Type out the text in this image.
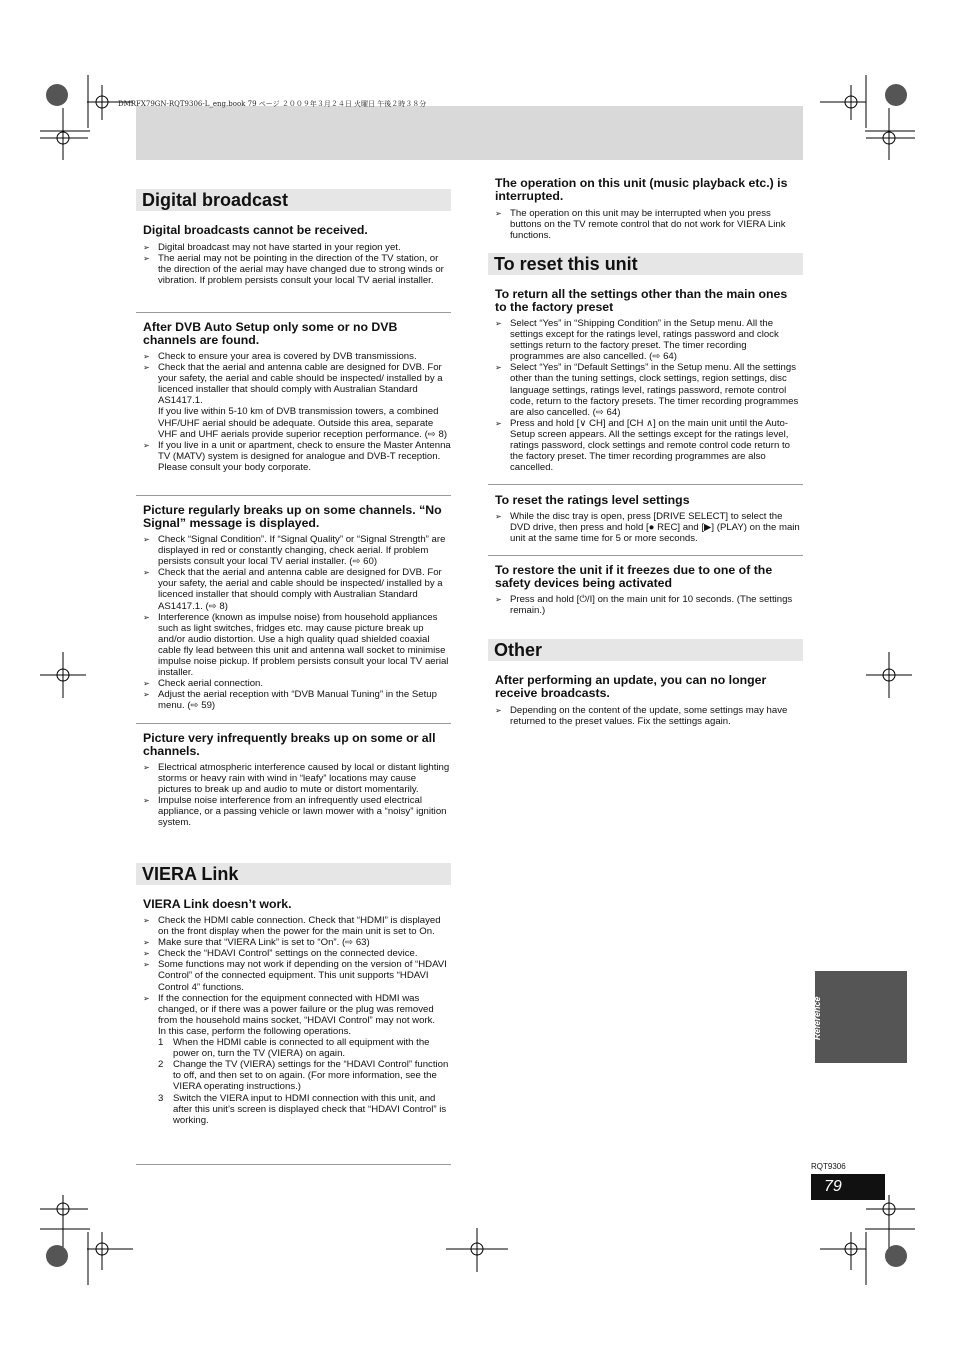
DMRFX79GN-RQT9306-L_eng.book 79 ページ ２００９年３月２４日 火曜日 午後２時３８分
Digital broadcast
Digital broadcasts cannot be received.
➢ Digital broadcast may not have started in your region yet.
➢ The aerial may not be pointing in the direction of the TV station, or the direction of the aerial may have changed due to strong winds or vibration. If problem persists consult your local TV aerial installer.
After DVB Auto Setup only some or no DVB channels are found.
➢ Check to ensure your area is covered by DVB transmissions.
➢ Check that the aerial and antenna cable are designed for DVB. For your safety, the aerial and cable should be inspected/ installed by a licenced installer that should comply with Australian Standard AS1417.1.
If you live within 5-10 km of DVB transmission towers, a combined VHF/UHF aerial should be adequate. Outside this area, separate VHF and UHF aerials provide superior reception performance. (⇨ 8)
➢ If you live in a unit or apartment, check to ensure the Master Antenna TV (MATV) system is designed for analogue and DVB-T reception. Please consult your body corporate.
Picture regularly breaks up on some channels. “No Signal” message is displayed.
➢ Check “Signal Condition”. If “Signal Quality” or “Signal Strength” are displayed in red or constantly changing, check aerial. If problem persists consult your local TV aerial installer. (⇨ 60)
➢ Check that the aerial and antenna cable are designed for DVB. For your safety, the aerial and cable should be inspected/ installed by a licenced installer that should comply with Australian Standard AS1417.1. (⇨ 8)
➢ Interference (known as impulse noise) from household appliances such as light switches, fridges etc. may cause picture break up and/or audio distortion. Use a high quality quad shielded coaxial cable fly lead between this unit and antenna wall socket to minimise impulse noise pickup. If problem persists consult your local TV aerial installer.
➢ Check aerial connection.
➢ Adjust the aerial reception with “DVB Manual Tuning” in the Setup menu. (⇨ 59)
Picture very infrequently breaks up on some or all channels.
➢ Electrical atmospheric interference caused by local or distant lighting storms or heavy rain with wind in “leafy” locations may cause pictures to break up and audio to mute or distort momentarily.
➢ Impulse noise interference from an infrequently used electrical appliance, or a passing vehicle or lawn mower with a “noisy” ignition system.
VIERA Link
VIERA Link doesn’t work.
➢ Check the HDMI cable connection. Check that “HDMI” is displayed on the front display when the power for the main unit is set to On.
➢ Make sure that “VIERA Link” is set to “On”. (⇨ 63)
➢ Check the “HDAVI Control” settings on the connected device.
➢ Some functions may not work if depending on the version of “HDAVI Control” of the connected equipment. This unit supports “HDAVI Control 4” functions.
➢ If the connection for the equipment connected with HDMI was changed, or if there was a power failure or the plug was removed from the household mains socket, “HDAVI Control” may not work.
In this case, perform the following operations.
1 When the HDMI cable is connected to all equipment with the power on, turn the TV (VIERA) on again.
2 Change the TV (VIERA) settings for the “HDAVI Control” function to off, and then set to on again. (For more information, see the VIERA operating instructions.)
3 Switch the VIERA input to HDMI connection with this unit, and after this unit’s screen is displayed check that “HDAVI Control” is working.
The operation on this unit (music playback etc.) is interrupted.
➢ The operation on this unit may be interrupted when you press buttons on the TV remote control that do not work for VIERA Link functions.
To reset this unit
To return all the settings other than the main ones to the factory preset
➢ Select “Yes” in “Shipping Condition” in the Setup menu. All the settings except for the ratings level, ratings password and clock settings return to the factory preset. The timer recording programmes are also cancelled. (⇨ 64)
➢ Select “Yes” in “Default Settings” in the Setup menu. All the settings other than the tuning settings, clock settings, region settings, disc language settings, ratings level, ratings password, remote control code, return to the factory presets. The timer recording programmes are also cancelled. (⇨ 64)
➢ Press and hold [∨ CH] and [CH ∧] on the main unit until the Auto-Setup screen appears. All the settings except for the ratings level, ratings password, clock settings and remote control code return to the factory preset. The timer recording programmes are also cancelled.
To reset the ratings level settings
➢ While the disc tray is open, press [DRIVE SELECT] to select the DVD drive, then press and hold [● REC] and [▶] (PLAY) on the main unit at the same time for 5 or more seconds.
To restore the unit if it freezes due to one of the safety devices being activated
➢ Press and hold [⏻/I] on the main unit for 10 seconds. (The settings remain.)
Other
After performing an update, you can no longer receive broadcasts.
➢ Depending on the content of the update, some settings may have returned to the preset values. Fix the settings again.
Reference
RQT9306
79
